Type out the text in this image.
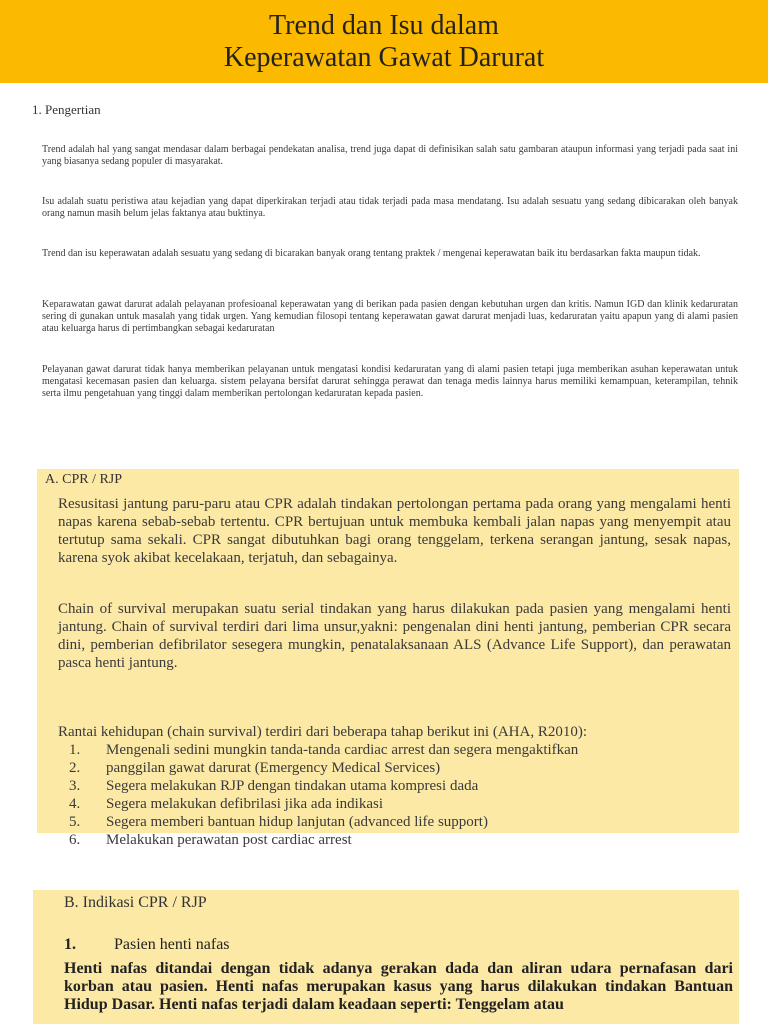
Trend dan Isu dalam
Keperawatan Gawat Darurat
1. Pengertian
Trend adalah hal yang sangat mendasar dalam berbagai pendekatan analisa, trend juga dapat di definisikan salah satu gambaran ataupun informasi yang terjadi pada saat ini yang biasanya sedang populer di masyarakat.
Isu adalah suatu peristiwa atau kejadian yang dapat diperkirakan terjadi atau tidak terjadi pada masa mendatang. Isu adalah sesuatu yang sedang dibicarakan oleh banyak orang namun masih belum jelas faktanya atau buktinya.
Trend dan isu keperawatan adalah sesuatu yang sedang di bicarakan banyak orang tentang praktek / mengenai keperawatan baik itu berdasarkan fakta maupun tidak.
Keparawatan gawat darurat adalah pelayanan profesioanal keperawatan yang di berikan pada pasien dengan kebutuhan urgen dan kritis. Namun IGD dan klinik kedaruratan sering di gunakan untuk masalah yang tidak urgen. Yang kemudian filosopi tentang keperawatan gawat darurat menjadi luas, kedaruratan yaitu apapun yang di alami pasien atau keluarga harus di pertimbangkan sebagai kedaruratan
Pelayanan gawat darurat tidak hanya memberikan pelayanan untuk mengatasi kondisi kedaruratan yang di alami pasien tetapi juga memberikan asuhan keperawatan untuk mengatasi kecemasan pasien dan keluarga. sistem pelayana bersifat darurat sehingga perawat dan tenaga medis lainnya harus memiliki kemampuan, keterampilan, tehnik serta ilmu pengetahuan yang tinggi dalam memberikan pertolongan kedaruratan kepada pasien.
A. CPR / RJP
Resusitasi jantung paru-paru atau CPR adalah tindakan pertolongan pertama pada orang yang mengalami henti napas karena sebab-sebab tertentu. CPR bertujuan untuk membuka kembali jalan napas yang menyempit atau tertutup sama sekali. CPR sangat dibutuhkan bagi orang tenggelam, terkena serangan jantung, sesak napas, karena syok akibat kecelakaan, terjatuh, dan sebagainya.
Chain of survival merupakan suatu serial tindakan yang harus dilakukan pada pasien yang mengalami henti jantung. Chain of survival terdiri dari lima unsur,yakni: pengenalan dini henti jantung, pemberian CPR secara dini, pemberian defibrilator sesegera mungkin, penatalaksanaan ALS (Advance Life Support), dan perawatan pasca henti jantung.
Rantai kehidupan (chain survival) terdiri dari beberapa tahap berikut ini (AHA, R2010):
1. Mengenali sedini mungkin tanda-tanda cardiac arrest dan segera mengaktifkan
2. panggilan gawat darurat (Emergency Medical Services)
3. Segera melakukan RJP dengan tindakan utama kompresi dada
4. Segera melakukan defibrilasi jika ada indikasi
5. Segera memberi bantuan hidup lanjutan (advanced life support)
6. Melakukan perawatan post cardiac arrest
B. Indikasi CPR / RJP
1. Pasien henti nafas
Henti nafas ditandai dengan tidak adanya gerakan dada dan aliran udara pernafasan dari korban atau pasien. Henti nafas merupakan kasus yang harus dilakukan tindakan Bantuan Hidup Dasar. Henti nafas terjadi dalam keadaan seperti: Tenggelam atau
